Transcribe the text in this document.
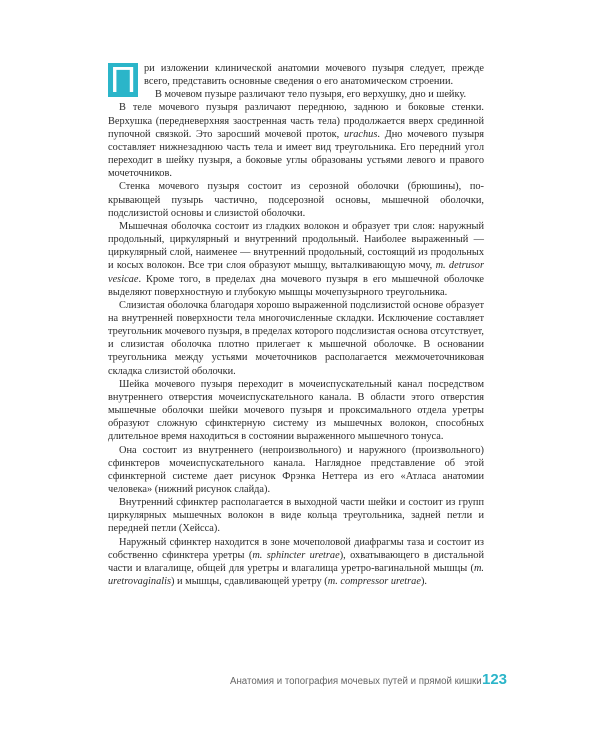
П ри изложении клинической анатомии мочевого пузыря следует, прежде всего, представить основные сведения о его анатомическом строении.

В мочевом пузыре различают тело пузыря, его верхушку, дно и шейку.

В теле мочевого пузыря различают переднюю, заднюю и боковые стенки. Верхушка (передневерхняя заостренная часть тела) продолжается вверх срединной пупочной связкой. Это заросший мочевой проток, urachus. Дно мочевого пузыря составляет нижнезаднюю часть тела и имеет вид треугольника. Его передний угол переходит в шейку пузыря, а боковые углы образованы устьями левого и правого мочеточников.

Стенка мочевого пузыря состоит из серозной оболочки (брюшины), покрывающей пузырь частично, подсерозной основы, мышечной оболочки, подслизистой основы и слизистой оболочки.

Мышечная оболочка состоит из гладких волокон и образует три слоя: наружный продольный, циркулярный и внутренний продольный. Наиболее выраженный — циркулярный слой, наименее — внутренний продольный, состоящий из продольных и косых волокон. Все три слоя образуют мышцу, выталкивающую мочу, m. detrusor vesicae. Кроме того, в пределах дна мочевого пузыря в его мышечной оболочке выделяют поверхностную и глубокую мышцы мочепузырного треугольника.

Слизистая оболочка благодаря хорошо выраженной подслизистой основе образует на внутренней поверхности тела многочисленные складки. Исключение составляет треугольник мочевого пузыря, в пределах которого подслизистая основа отсутствует, и слизистая оболочка плотно прилегает к мышечной оболочке. В основании треугольника между устьями мочеточников располагается межмочеточниковая складка слизистой оболочки.

Шейка мочевого пузыря переходит в мочеиспускательный канал посредством внутреннего отверстия мочеиспускательного канала. В области этого отверстия мышечные оболочки шейки мочевого пузыря и проксимального отдела уретры образуют сложную сфинктерную систему из мышечных волокон, способных длительное время находиться в состоянии выраженного мышечного тонуса.

Она состоит из внутреннего (непроизвольного) и наружного (произвольного) сфинктеров мочеиспускательного канала. Наглядное представление об этой сфинктерной системе дает рисунок Фрэнка Неттера из его «Атласа анатомии человека» (нижний рисунок слайда).

Внутренний сфинктер располагается в выходной части шейки и состоит из групп циркулярных мышечных волокон в виде кольца треугольника, задней петли и передней петли (Хейсса).

Наружный сфинктер находится в зоне мочеполовой диафрагмы таза и состоит из собственно сфинктера уретры (m. sphincter uretrae), охватывающего в дистальной части и влагалище, общей для уретры и влагалища уретро-вагинальной мышцы (m. uretrovaginalis) и мышцы, сдавливающей уретру (m. compressor uretrae).

Анатомия и топография мочевых путей и прямой кишки 123
